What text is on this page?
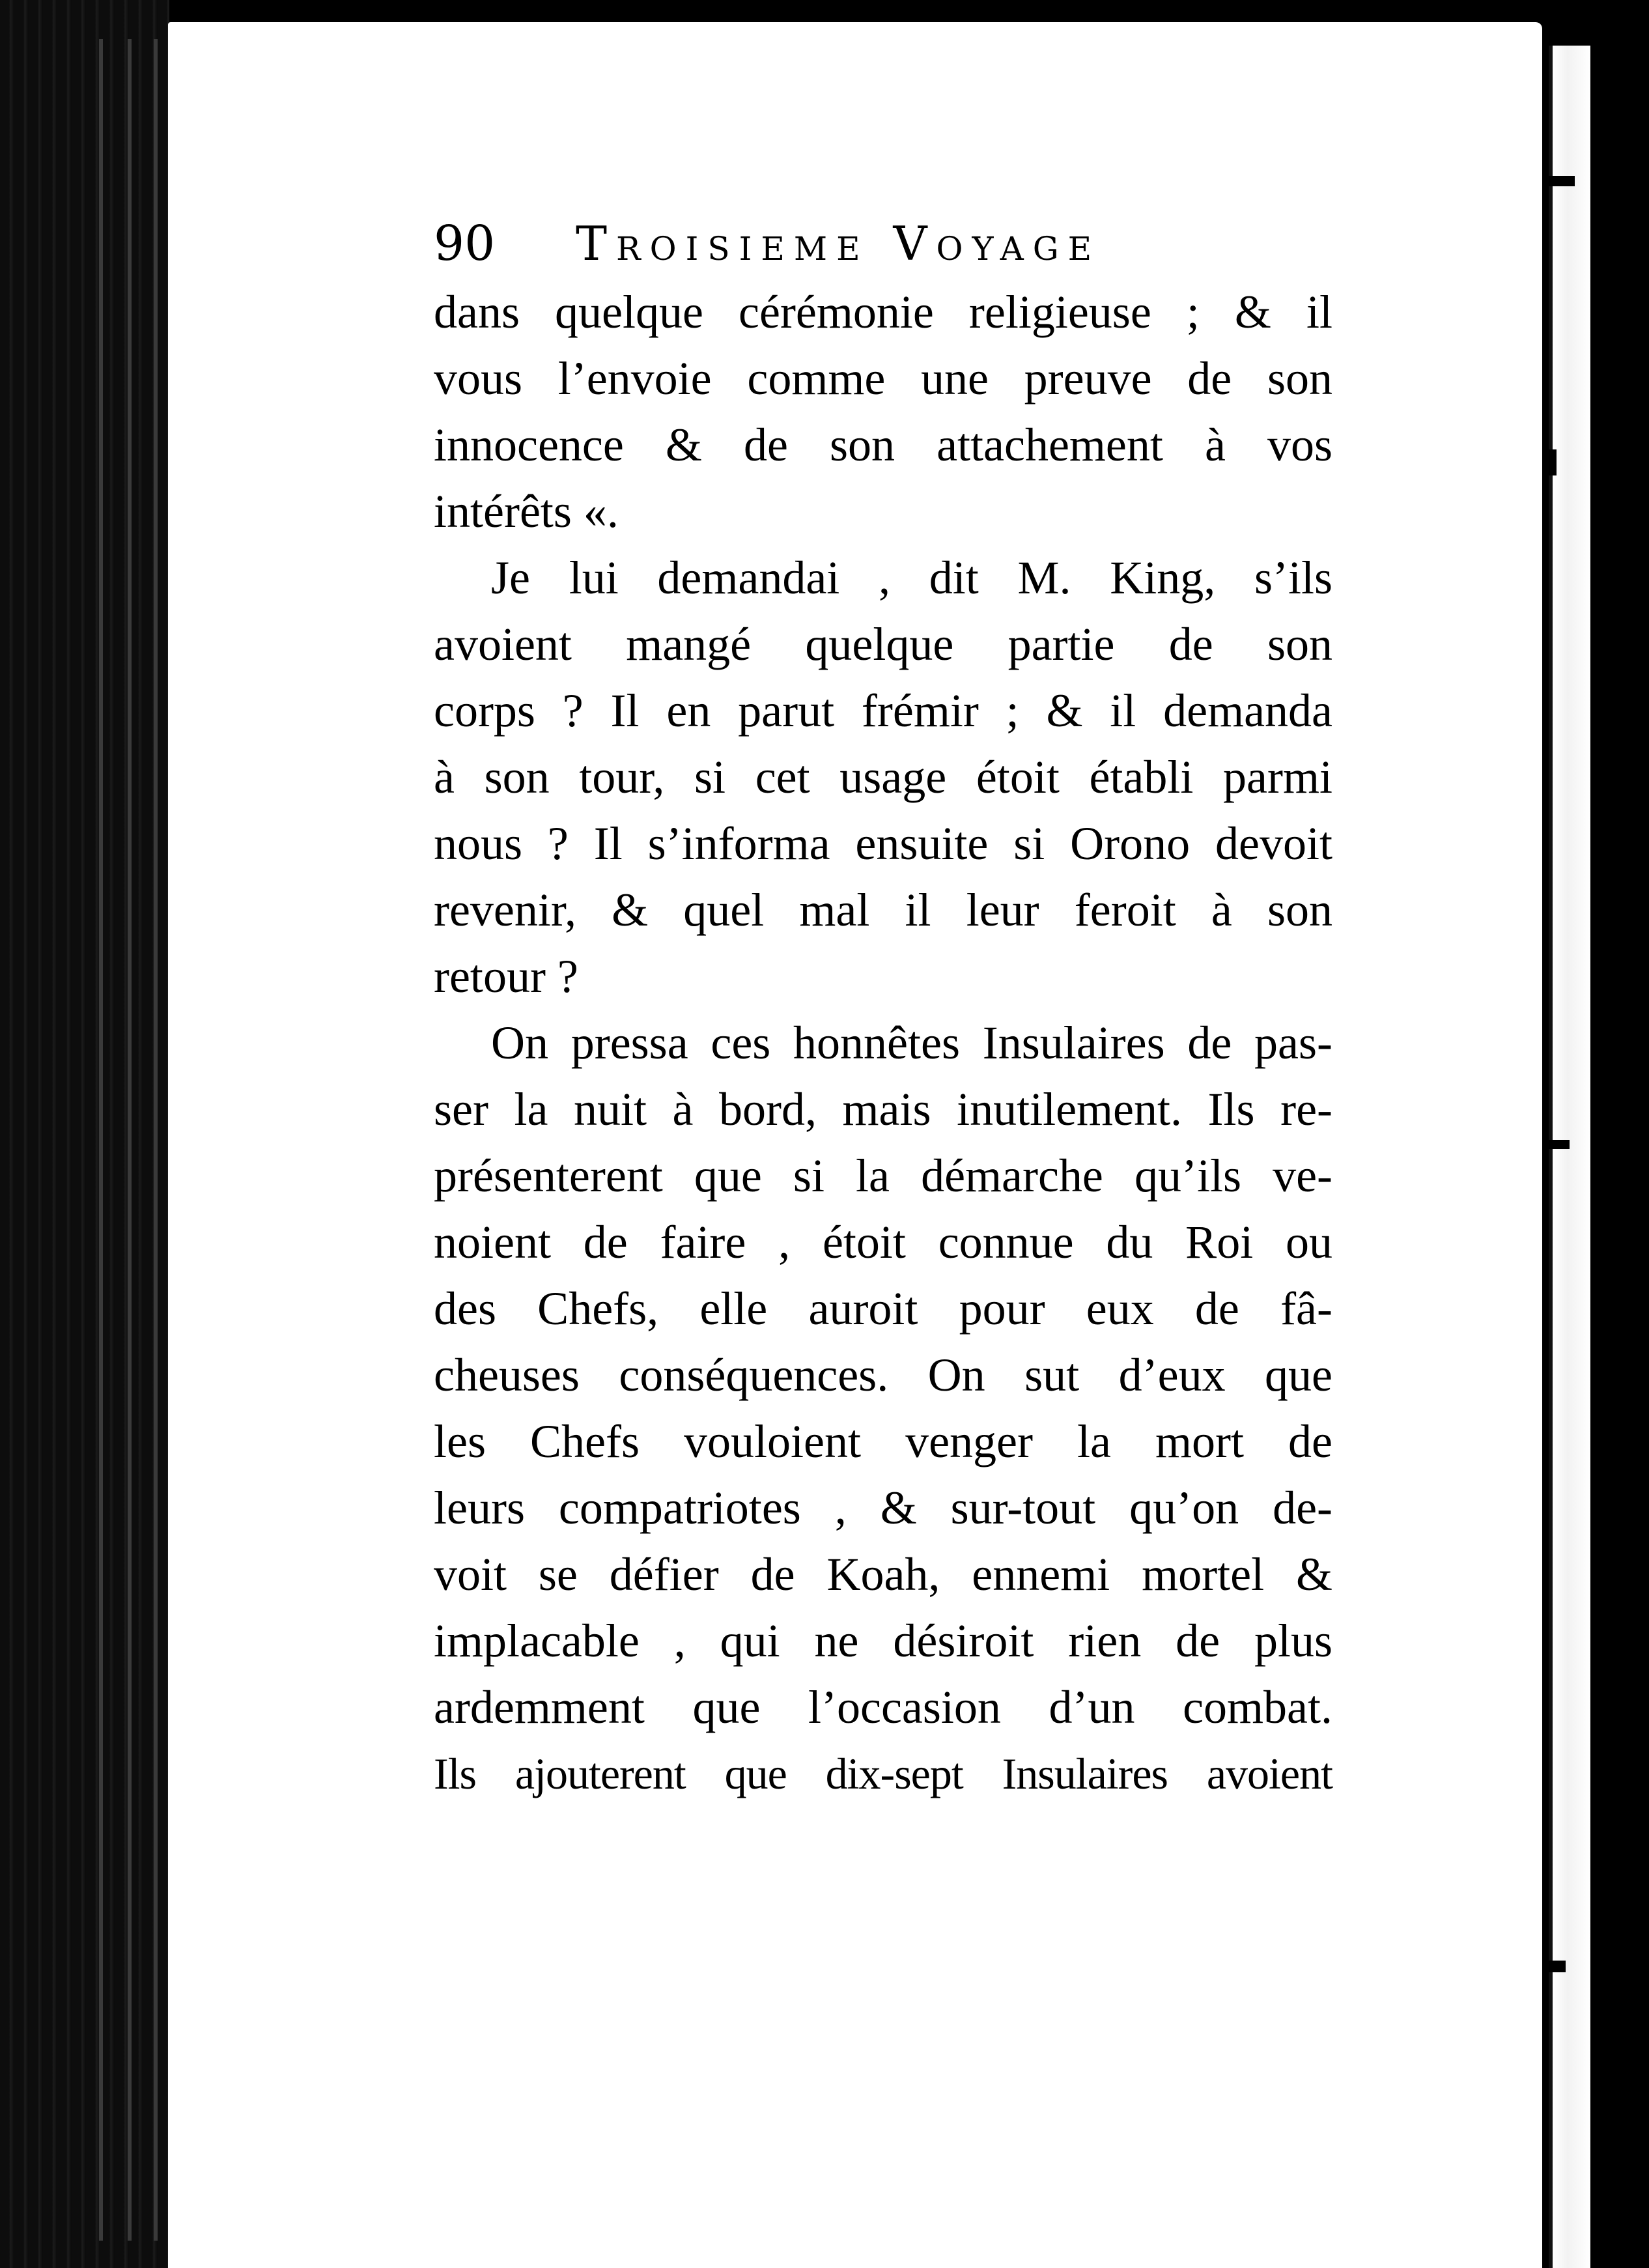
90 Troisieme Voyage
dans quelque cérémonie religieuse ; & il
vous l’envoie comme une preuve de son
innocence & de son attachement à vos
intérêts «.
Je lui demandai , dit M. King, s’ils
avoient mangé quelque partie de son
corps ? Il en parut frémir ; & il demanda
à son tour, si cet usage étoit établi parmi
nous ? Il s’informa ensuite si Orono devoit
revenir, & quel mal il leur feroit à son
retour ?
On pressa ces honnêtes Insulaires de pas-
ser la nuit à bord, mais inutilement. Ils re-
présenterent que si la démarche qu’ils ve-
noient de faire , étoit connue du Roi ou
des Chefs, elle auroit pour eux de fâ-
cheuses conséquences. On sut d’eux que
les Chefs vouloient venger la mort de
leurs compatriotes , & sur-tout qu’on de-
voit se défier de Koah, ennemi mortel &
implacable , qui ne désiroit rien de plus
ardemment que l’occasion d’un combat.
Ils ajouterent que dix-sept Insulaires avoient
